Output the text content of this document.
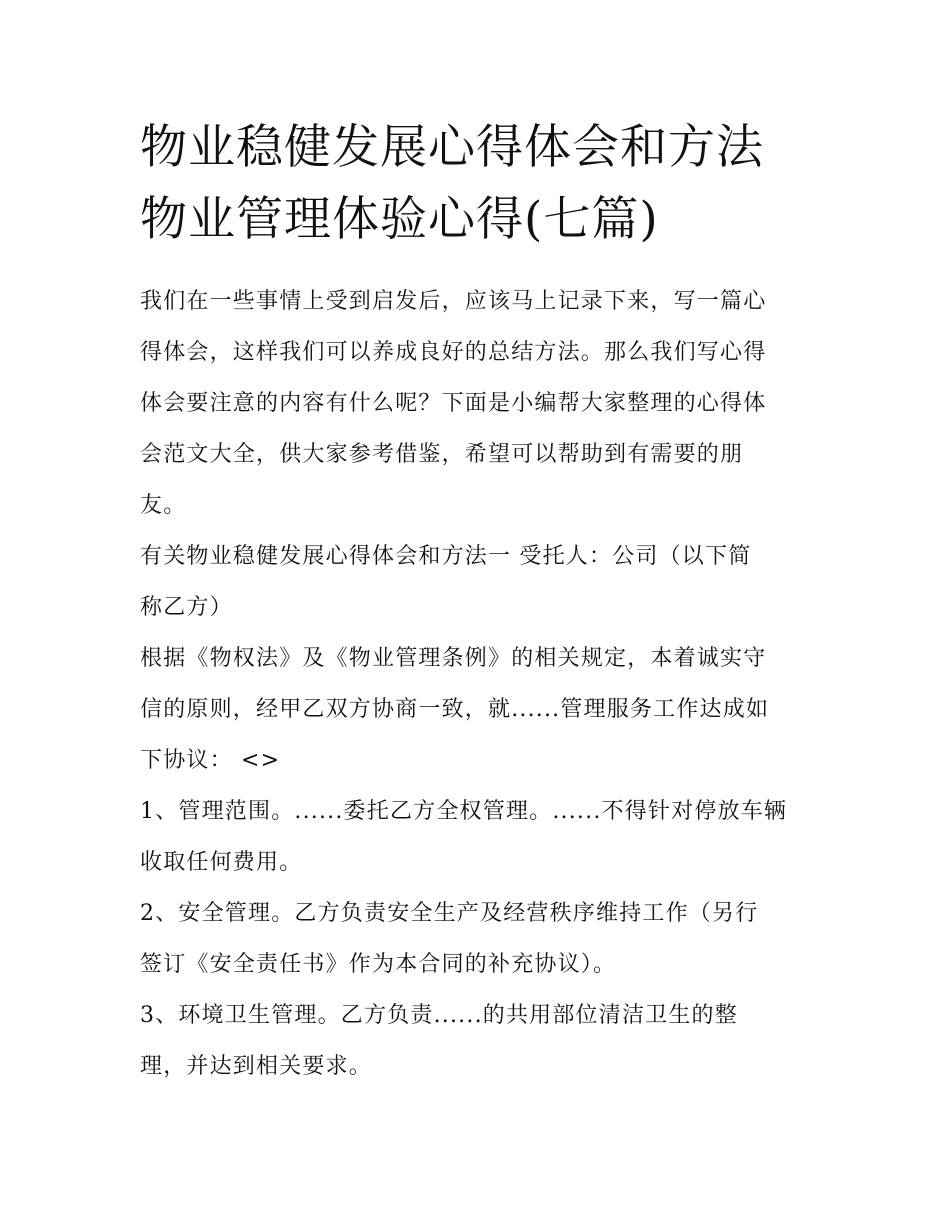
物业稳健发展心得体会和方法
物业管理体验心得(七篇)

我们在一些事情上受到启发后，应该马上记录下来，写一篇心
得体会，这样我们可以养成良好的总结方法。那么我们写心得
体会要注意的内容有什么呢？下面是小编帮大家整理的心得体
会范文大全，供大家参考借鉴，希望可以帮助到有需要的朋
友。

有关物业稳健发展心得体会和方法一 受托人：公司（以下简
称乙方）

根据《物权法》及《物业管理条例》的相关规定，本着诚实守
信的原则，经甲乙双方协商一致，就......管理服务工作达成如
下协议： <>

1、管理范围。......委托乙方全权管理。......不得针对停放车辆
收取任何费用。

2、安全管理。乙方负责安全生产及经营秩序维持工作（另行
签订《安全责任书》作为本合同的补充协议）。

3、环境卫生管理。乙方负责......的共用部位清洁卫生的整
理，并达到相关要求。
